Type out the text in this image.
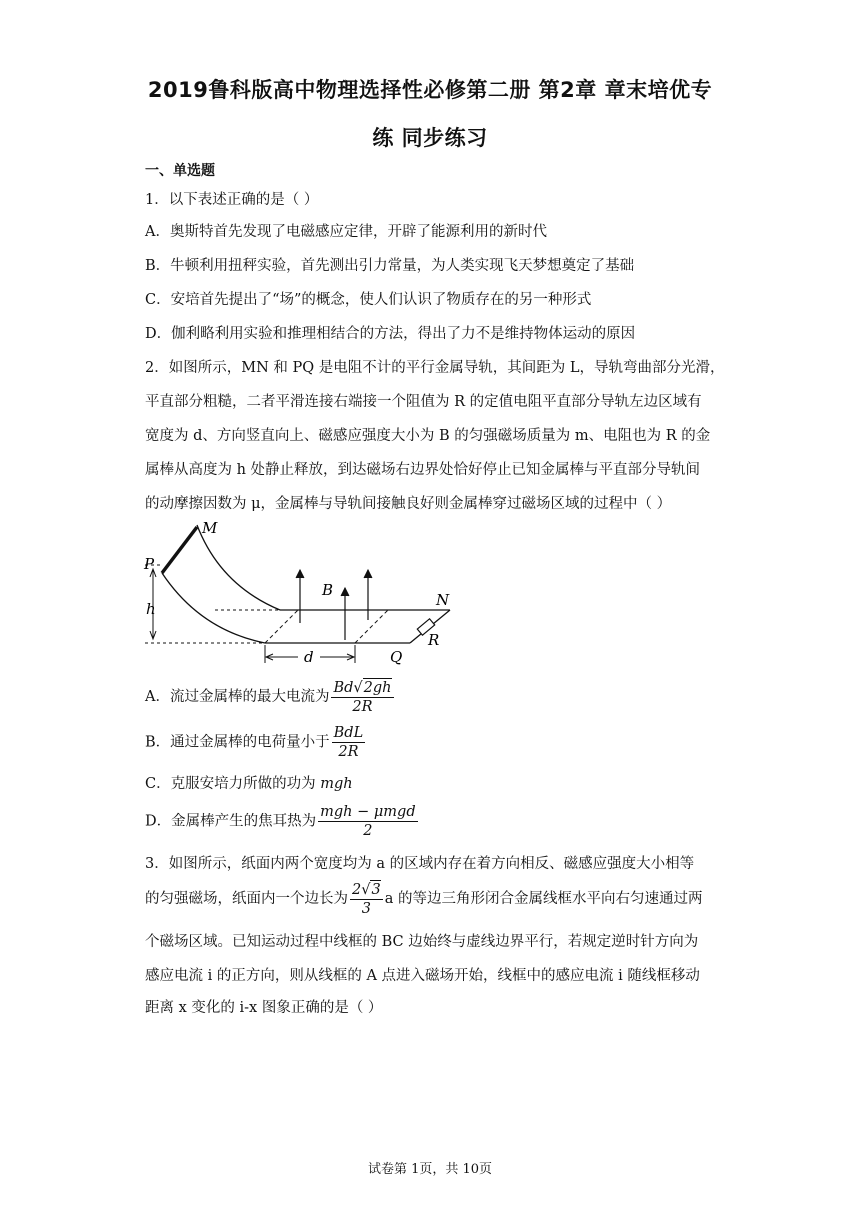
2019鲁科版高中物理选择性必修第二册 第2章 章末培优专
练 同步练习
一、单选题
1．以下表述正确的是（ ）
A．奥斯特首先发现了电磁感应定律，开辟了能源利用的新时代
B．牛顿利用扭秤实验，首先测出引力常量，为人类实现飞天梦想奠定了基础
C．安培首先提出了“场”的概念，使人们认识了物质存在的另一种形式
D．伽利略利用实验和推理相结合的方法，得出了力不是维持物体运动的原因
2．如图所示，MN 和 PQ 是电阻不计的平行金属导轨，其间距为 L，导轨弯曲部分光滑，
平直部分粗糙，二者平滑连接右端接一个阻值为 R 的定值电阻平直部分导轨左边区域有
宽度为 d、方向竖直向上、磁感应强度大小为 B 的匀强磁场质量为 m、电阻也为 R 的金
属棒从高度为 h 处静止释放，到达磁场右边界处恰好停止已知金属棒与平直部分导轨间
的动摩擦因数为 μ，金属棒与导轨间接触良好则金属棒穿过磁场区域的过程中（ ）
M
P
h
B
N
d	Q
R
A．流过金属棒的最大电流为 $\frac{Bd√2gh}{2R}$
B．通过金属棒的电荷量小于 $\frac{\text{BdL}}{2R}$
C．克服安培力所做的功为 mgh
D．金属棒产生的焦耳热为 $\frac{\text{mgh − μmgd}}{2}$
3．如图所示，纸面内两个宽度均为 a 的区域内存在着方向相反、磁感应强度大小相等
的匀强磁场，纸面内一个边长为 $\frac{2√3}{3}$ a 的等边三角形闭合金属线框水平向右匀速通过两
个磁场区域。已知运动过程中线框的 BC 边始终与虚线边界平行，若规定逆时针方向为
感应电流 i 的正方向，则从线框的 A 点进入磁场开始，线框中的感应电流 i 随线框移动
距离 x 变化的 i-x 图象正确的是（ ）
试卷第 1页，共 10页
